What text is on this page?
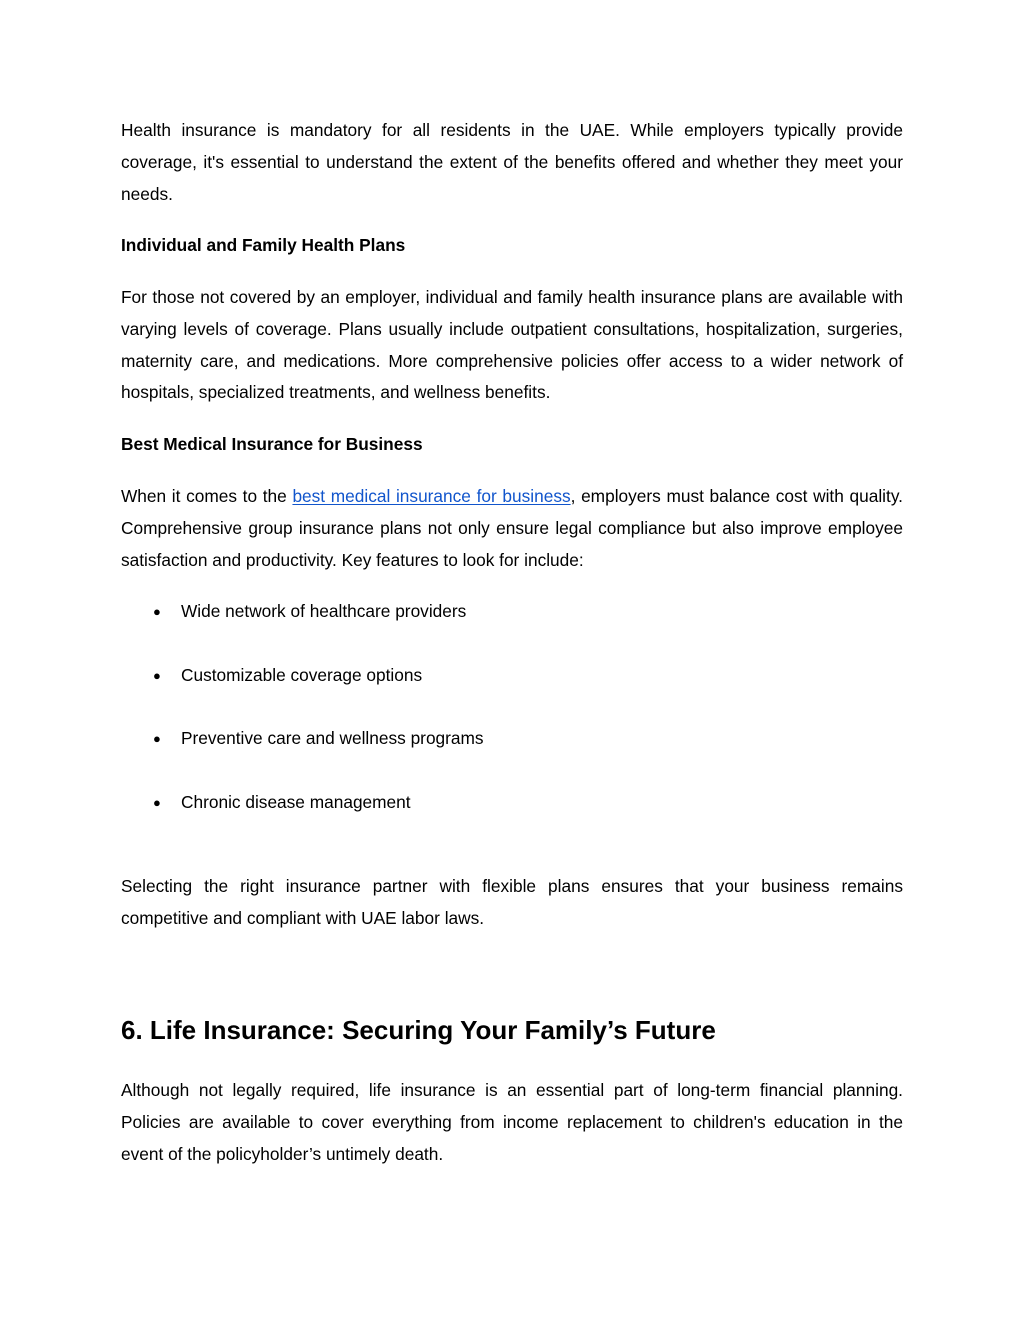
Health insurance is mandatory for all residents in the UAE. While employers typically provide coverage, it's essential to understand the extent of the benefits offered and whether they meet your needs.

Individual and Family Health Plans

For those not covered by an employer, individual and family health insurance plans are available with varying levels of coverage. Plans usually include outpatient consultations, hospitalization, surgeries, maternity care, and medications. More comprehensive policies offer access to a wider network of hospitals, specialized treatments, and wellness benefits.

Best Medical Insurance for Business

When it comes to the best medical insurance for business, employers must balance cost with quality. Comprehensive group insurance plans not only ensure legal compliance but also improve employee satisfaction and productivity. Key features to look for include:

● Wide network of healthcare providers
● Customizable coverage options
● Preventive care and wellness programs
● Chronic disease management

Selecting the right insurance partner with flexible plans ensures that your business remains competitive and compliant with UAE labor laws.

6. Life Insurance: Securing Your Family’s Future

Although not legally required, life insurance is an essential part of long-term financial planning. Policies are available to cover everything from income replacement to children's education in the event of the policyholder’s untimely death.
